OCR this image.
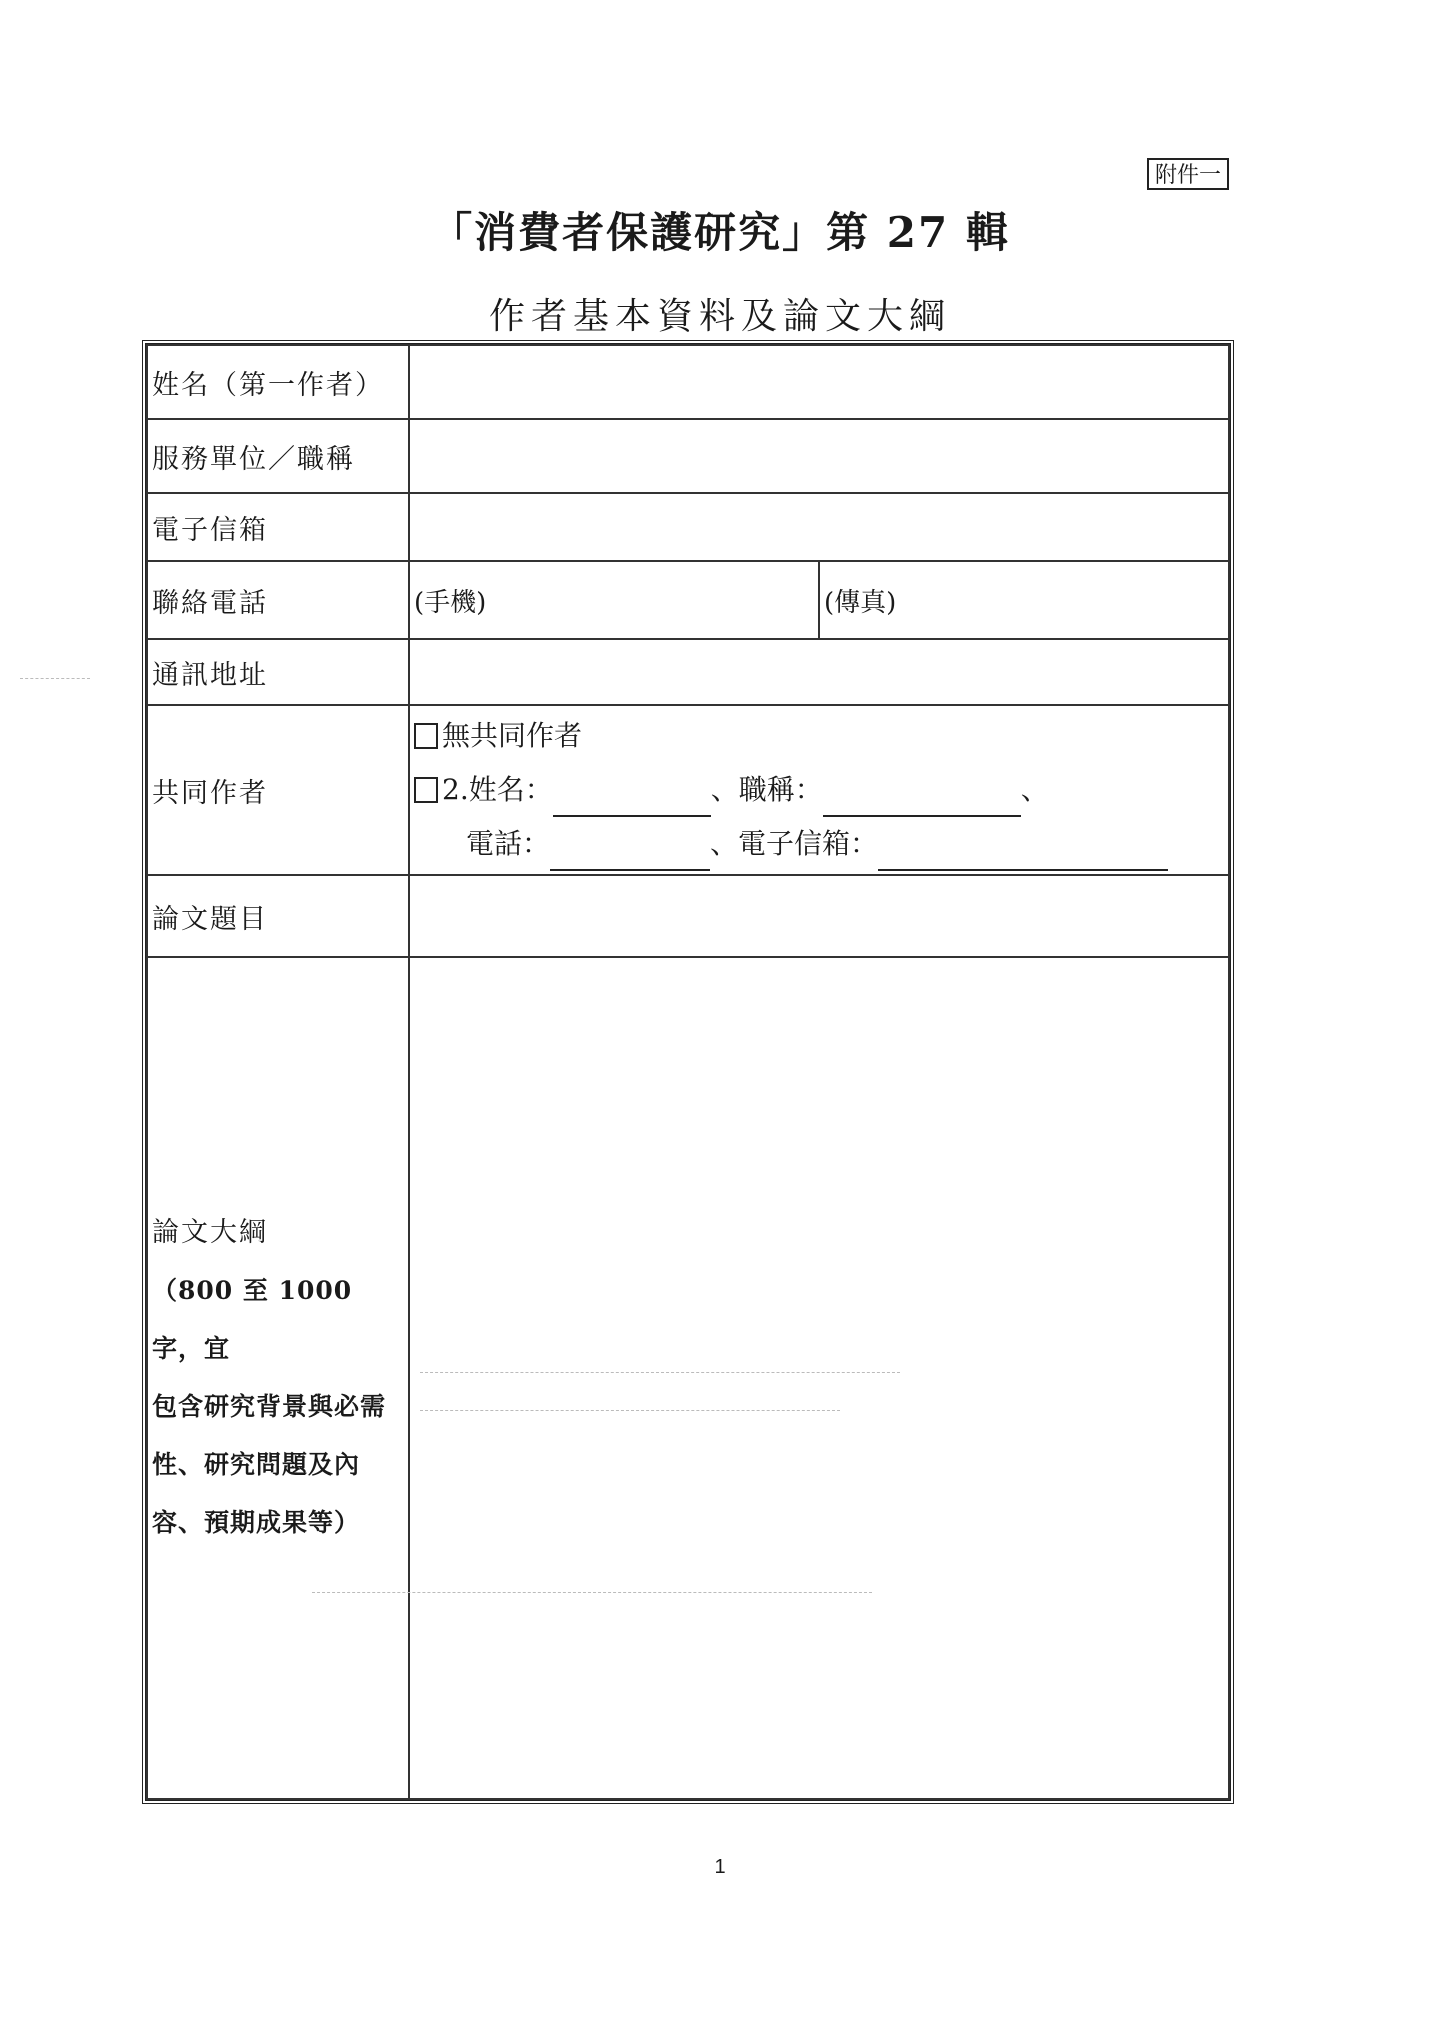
附件一
「消費者保護研究」第 27 輯
作者基本資料及論文大綱
姓名（第一作者）	
服務單位／職稱	
電子信箱	
聯絡電話	(手機) (傳真)

通訊地址	
共同作者	無共同作者
2.姓名： 、職稱： 、
電話： 、電子信箱：

論文題目	

論文大綱
（800 至 1000 字，宜
包含研究背景與必需
性、研究問題及內
容、預期成果等）	

1
